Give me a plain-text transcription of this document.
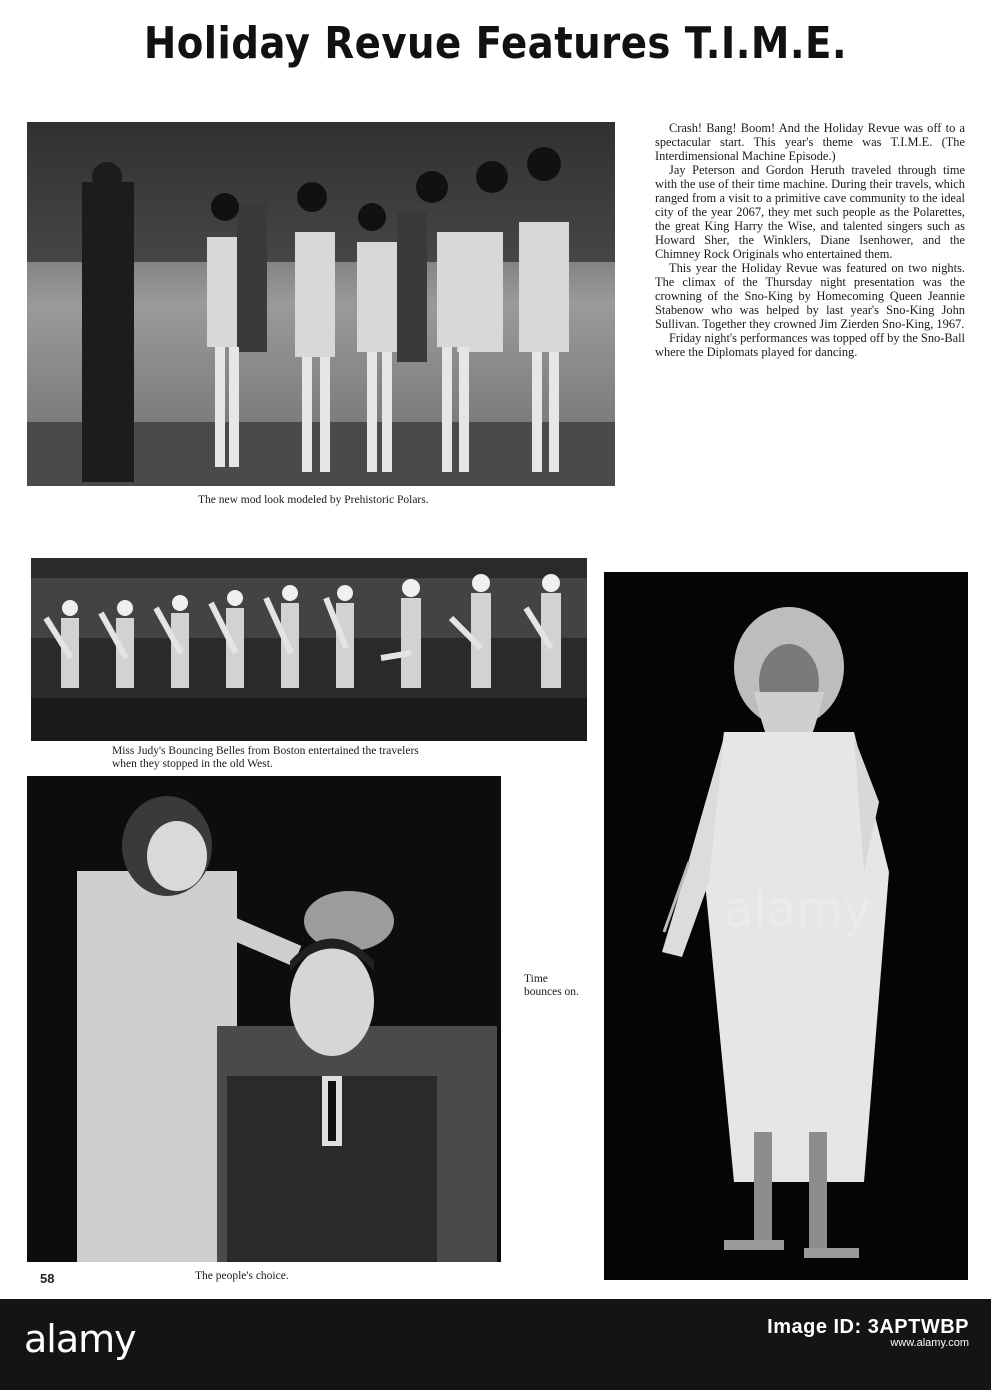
Holiday Revue Features T.I.M.E.
The new mod look modeled by Prehistoric Polars.

Crash! Bang! Boom! And the Holiday Revue was off to a spectacular start. This year's theme was T.I.M.E. (The Interdimensional Machine Episode.)

Jay Peterson and Gordon Heruth traveled through time with the use of their time machine. During their travels, which ranged from a visit to a primitive cave community to the ideal city of the year 2067, they met such people as the Polarettes, the great King Harry the Wise, and talented singers such as Howard Sher, the Winklers, Diane Isenhower, and the Chimney Rock Originals who entertained them.

This year the Holiday Revue was featured on two nights. The climax of the Thursday night presentation was the crowning of the Sno-King by Homecoming Queen Jeannie Stabenow who was helped by last year's Sno-King John Sullivan. Together they crowned Jim Zierden Sno-King, 1967.

Friday night's performances was topped off by the Sno-Ball where the Diplomats played for dancing.

Miss Judy's Bouncing Belles from Boston entertained the travelers
when they stopped in the old West.
The people's choice.
58
Time
bounces on.
alamy
alamy	Image ID: 3APTWBP
www.alamy.com
